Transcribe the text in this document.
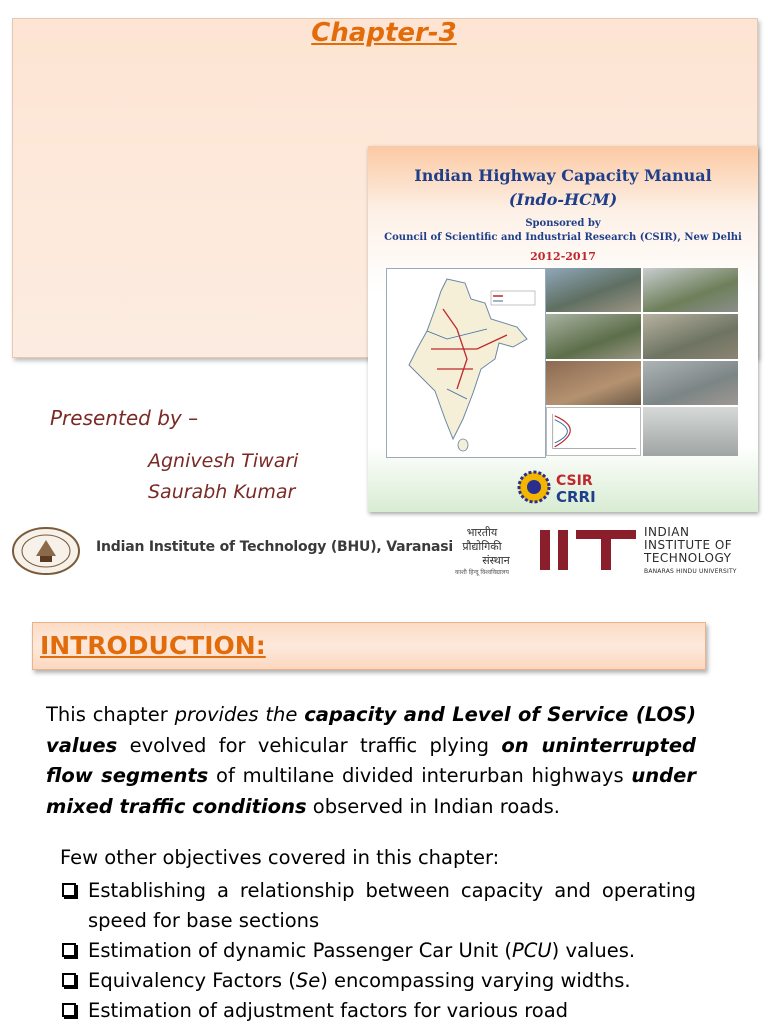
Chapter-3
Indian Highway Capacity Manual
(Indo-HCM)
Sponsored by
Council of Scientific and Industrial Research (CSIR), New Delhi
2012-2017
CSIR
CRRI
Presented by –
Agnivesh Tiwari
Saurabh Kumar
Indian Institute of Technology (BHU), Varanasi
भारतीय
प्रौद्योगिकी
संस्थान
काशी हिन्दू विश्वविद्यालय
INDIAN
INSTITUTE OF
TECHNOLOGY
BANARAS HINDU UNIVERSITY
INTRODUCTION:
This chapter provides the capacity and Level of Service (LOS) values evolved for vehicular traffic plying on uninterrupted flow segments of multilane divided interurban highways under mixed traffic conditions observed in Indian roads.
Few other objectives covered in this chapter:
Establishing a relationship between capacity and operating speed for base sections
Estimation of dynamic Passenger Car Unit (PCU) values.
Equivalency Factors (Se) encompassing varying widths.
Estimation of adjustment factors for various road
